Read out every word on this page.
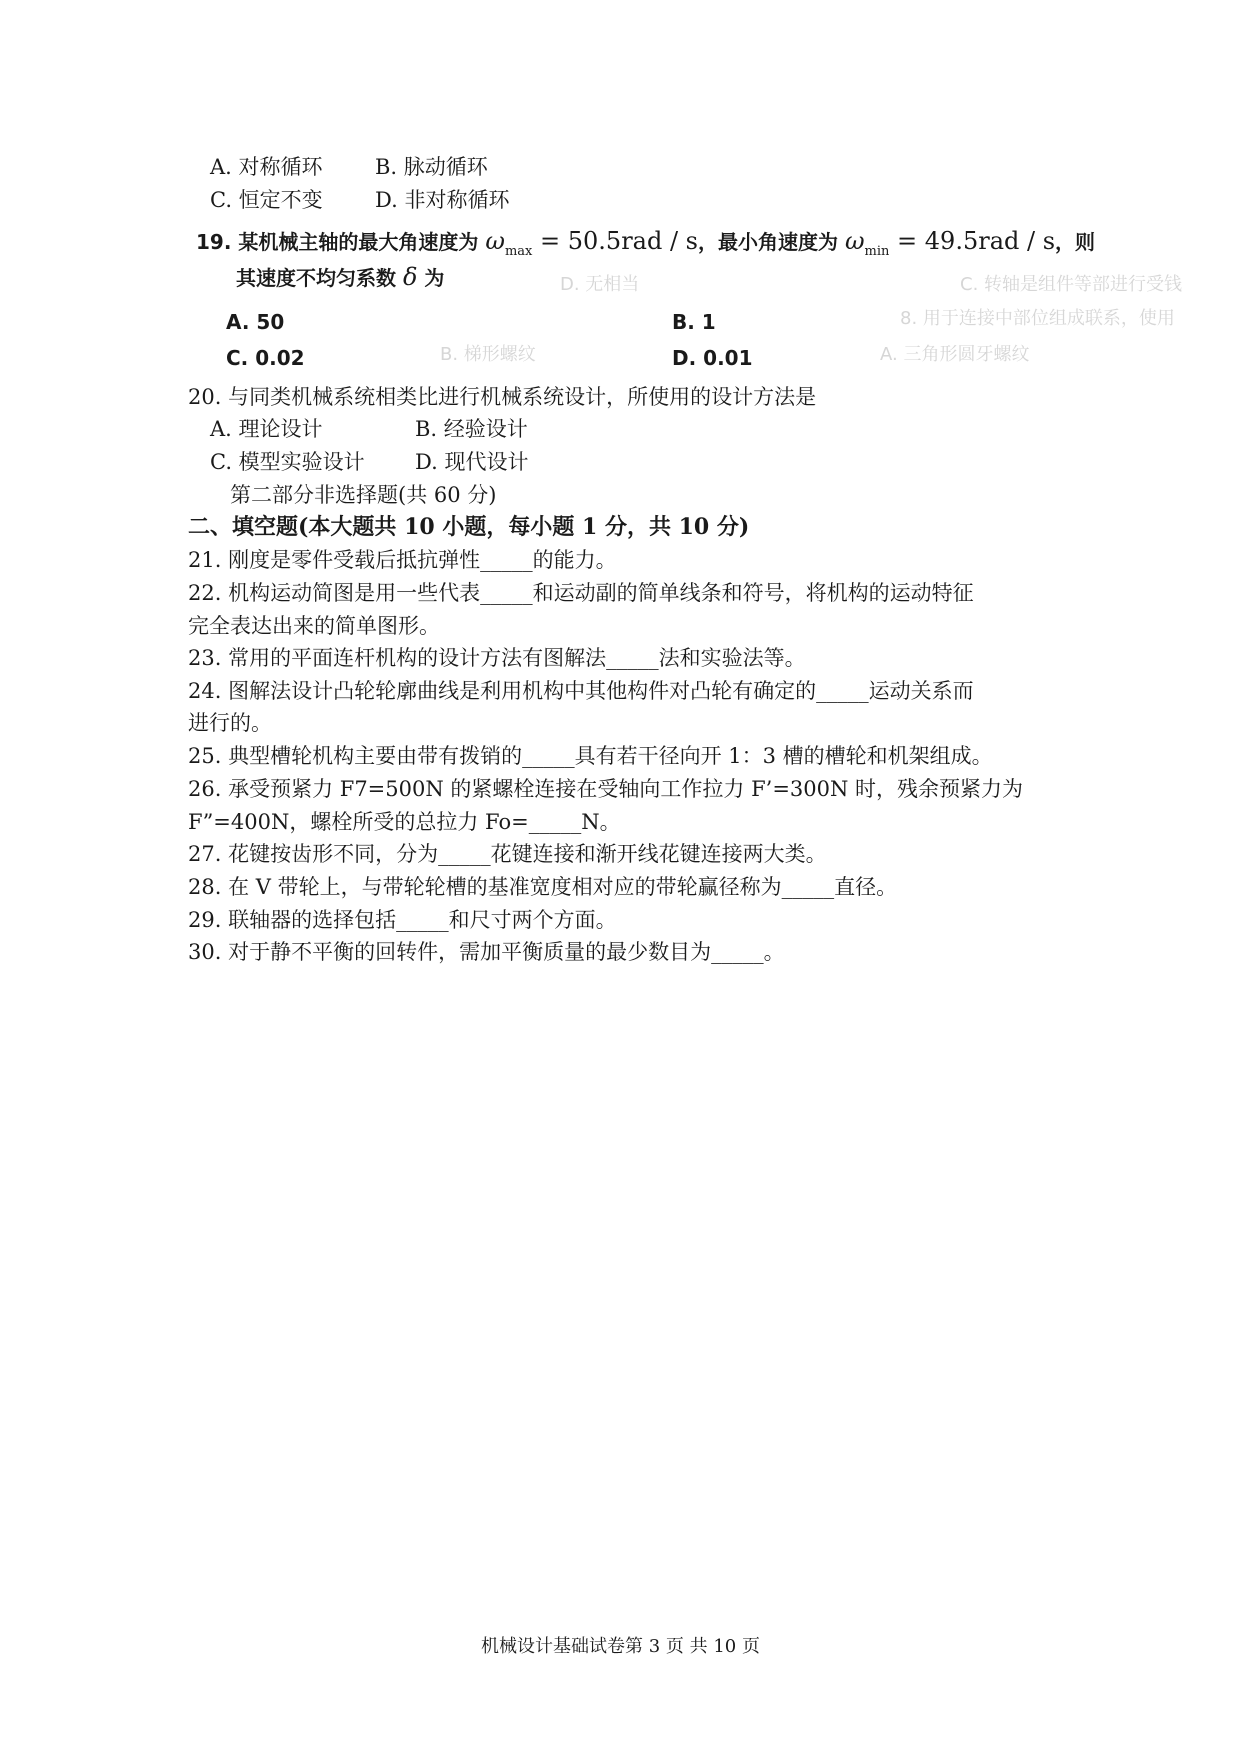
A. 对称循环 B. 脉动循环
C. 恒定不变 D. 非对称循环
19. 某机械主轴的最大角速度为 $\omega_{max} = 50.5rad / s$，最小角速度为 $\omega_{min} = 49.5rad / s$，则
其速度不均匀系数 δ 为	C. 转轴是组件等部进行受钱
D. 无相当
8. 用于连接中部位组成联系，使用
A. 三角形圆牙螺纹
B. 梯形螺纹
A. 50	B. 1
C. 0.02	D. 0.01
20. 与同类机械系统相类比进行机械系统设计，所使用的设计方法是
A. 理论设计	B. 经验设计
C. 模型实验设计 D. 现代设计
第二部分非选择题(共 60 分)
二、填空题(本大题共 10 小题，每小题 1 分，共 10 分)
21. 刚度是零件受载后抵抗弹性_____的能力。
22. 机构运动简图是用一些代表_____和运动副的简单线条和符号，将机构的运动特征
完全表达出来的简单图形。
23. 常用的平面连杆机构的设计方法有图解法_____法和实验法等。
24. 图解法设计凸轮轮廓曲线是利用机构中其他构件对凸轮有确定的_____运动关系而
进行的。
25. 典型槽轮机构主要由带有拨销的_____具有若干径向开 1：3 槽的槽轮和机架组成。
26. 承受预紧力 F7=500N 的紧螺栓连接在受轴向工作拉力 F’=300N 时，残余预紧力为
F”=400N，螺栓所受的总拉力 Fo=_____N。
27. 花键按齿形不同，分为_____花键连接和渐开线花键连接两大类。
28. 在 V 带轮上，与带轮轮槽的基准宽度相对应的带轮赢径称为_____直径。
29. 联轴器的选择包括_____和尺寸两个方面。
30. 对于静不平衡的回转件，需加平衡质量的最少数目为_____。
机械设计基础试卷第 3 页 共 10 页
